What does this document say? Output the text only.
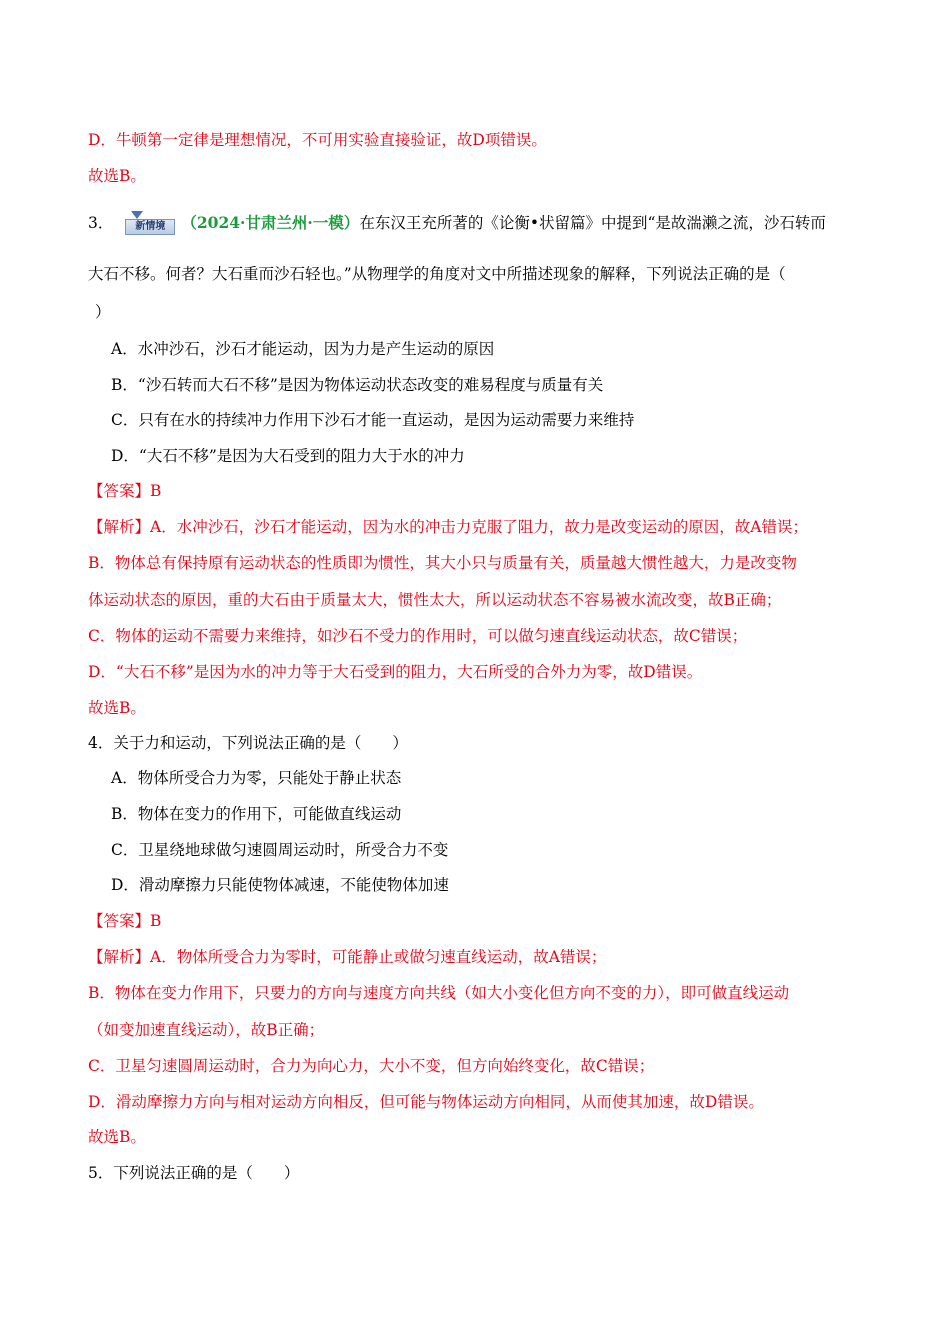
D．牛顿第一定律是理想情况，不可用实验直接验证，故D项错误。
故选B。
3．	新情境	（2024·甘肃兰州·一模）在东汉王充所著的《论衡•状留篇》中提到“是故湍濑之流，沙石转而
大石不移。何者？大石重而沙石轻也。”从物理学的角度对文中所描述现象的解释，下列说法正确的是（
）
A．水冲沙石，沙石才能运动，因为力是产生运动的原因
B．“沙石转而大石不移”是因为物体运动状态改变的难易程度与质量有关
C．只有在水的持续冲力作用下沙石才能一直运动，是因为运动需要力来维持
D．“大石不移”是因为大石受到的阻力大于水的冲力
【答案】B
【解析】A．水冲沙石，沙石才能运动，因为水的冲击力克服了阻力，故力是改变运动的原因，故A错误；
B．物体总有保持原有运动状态的性质即为惯性，其大小只与质量有关，质量越大惯性越大，力是改变物
体运动状态的原因，重的大石由于质量太大，惯性太大，所以运动状态不容易被水流改变，故B正确；
C．物体的运动不需要力来维持，如沙石不受力的作用时，可以做匀速直线运动状态，故C错误；
D．“大石不移”是因为水的冲力等于大石受到的阻力，大石所受的合外力为零，故D错误。
故选B。
4．关于力和运动，下列说法正确的是（　　）
A．物体所受合力为零，只能处于静止状态
B．物体在变力的作用下，可能做直线运动
C．卫星绕地球做匀速圆周运动时，所受合力不变
D．滑动摩擦力只能使物体减速，不能使物体加速
【答案】B
【解析】A．物体所受合力为零时，可能静止或做匀速直线运动，故A错误；
B．物体在变力作用下，只要力的方向与速度方向共线（如大小变化但方向不变的力），即可做直线运动
（如变加速直线运动），故B正确；
C．卫星匀速圆周运动时，合力为向心力，大小不变，但方向始终变化，故C错误；
D．滑动摩擦力方向与相对运动方向相反，但可能与物体运动方向相同，从而使其加速，故D错误。
故选B。
5．下列说法正确的是（　　）
